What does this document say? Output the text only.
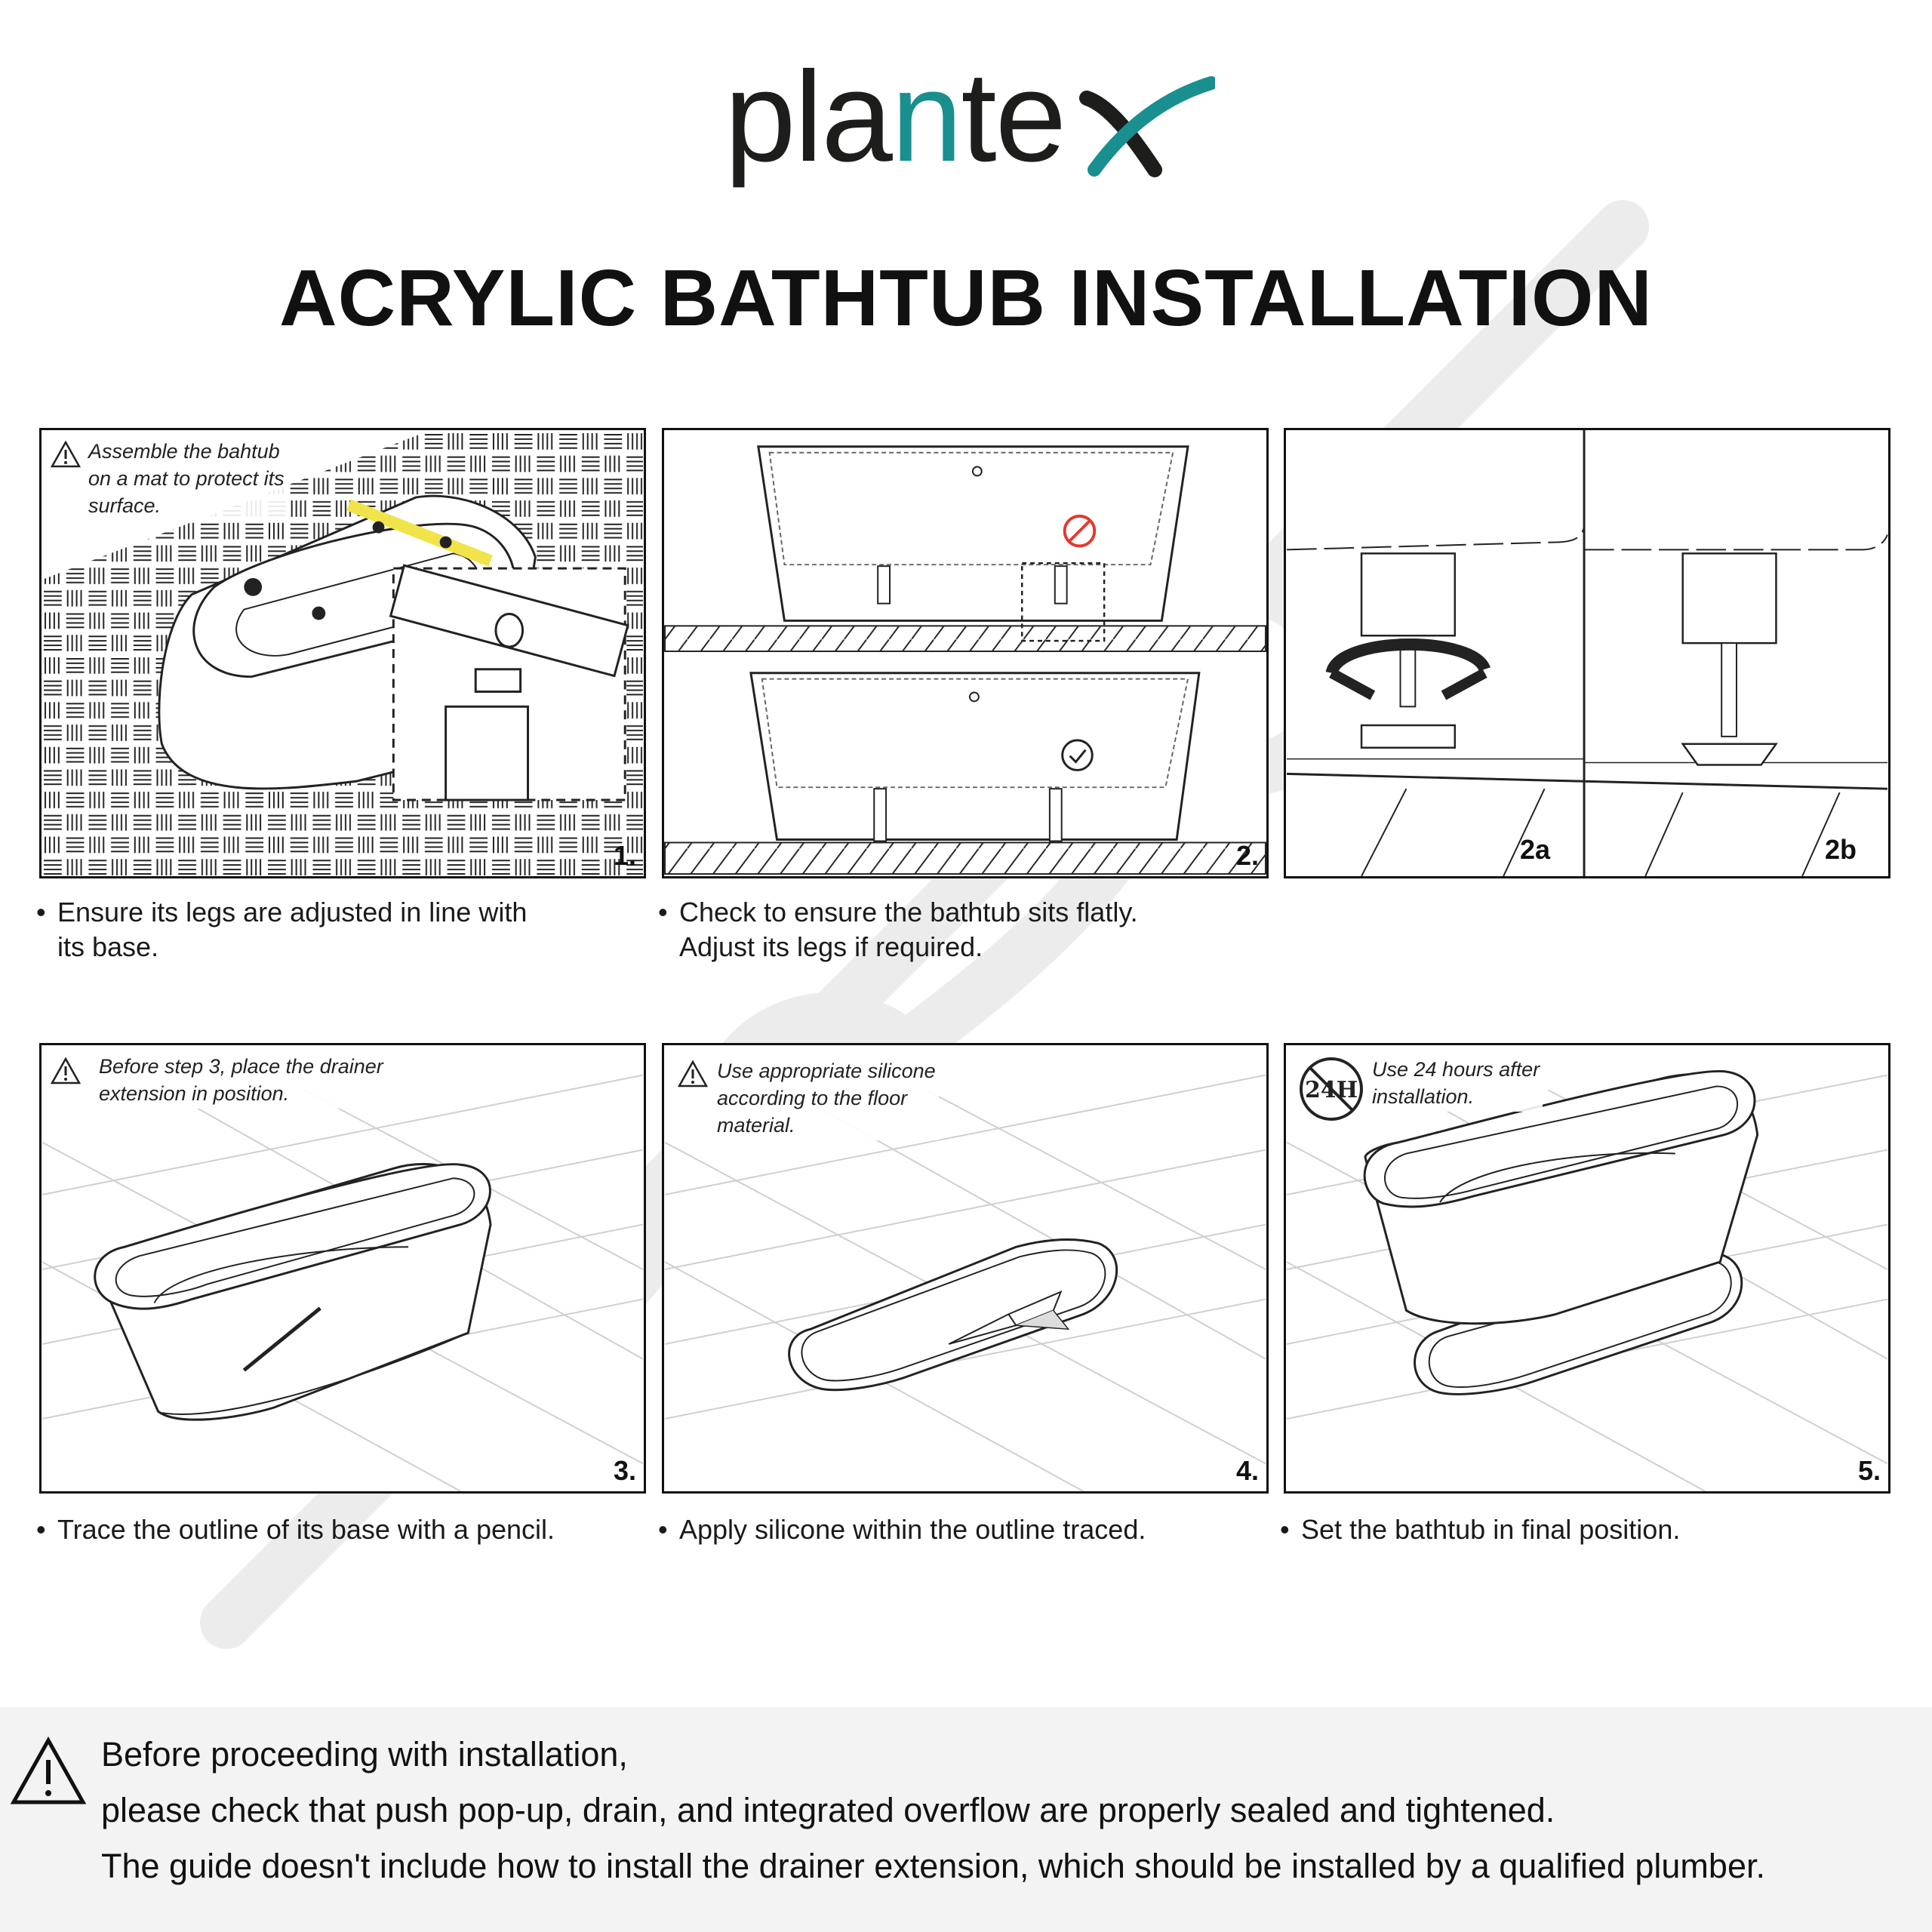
plante
ACRYLIC BATHTUB INSTALLATION
Assemble the bahtub
on a mat to protect its
surface.
1.
• Ensure its legs are adjusted in line with
its base.
2.
• Check to ensure the bathtub sits flatly.
Adjust its legs if required.
2a	2b
Before step 3, place the drainer
extension in position.
3.
• Trace the outline of its base with a pencil.
Use appropriate silicone
according to the floor
material.
4.
• Apply silicone within the outline traced.
24H
Use 24 hours after
installation.
5.
• Set the bathtub in final position.
Before proceeding with installation,
please check that push pop-up, drain, and integrated overflow are properly sealed and tightened.
The guide doesn't include how to install the drainer extension, which should be installed by a qualified plumber.
